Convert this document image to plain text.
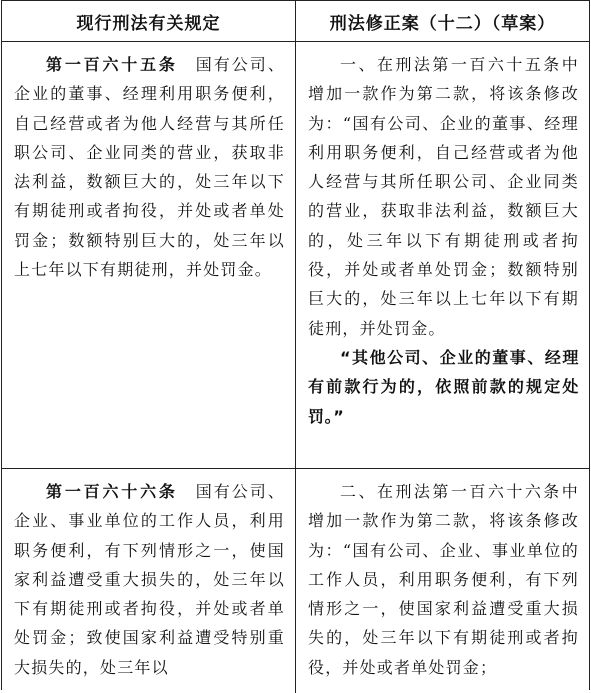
现行刑法有关规定	刑法修正案（十二）（草案）

第一百六十五条 国有公司、企业的董事、经理利用职务便利，自己经营或者为他人经营与其所任职公司、企业同类的营业，获取非法利益，数额巨大的，处三年以下有期徒刑或者拘役，并处或者单处罚金；数额特别巨大的，处三年以上七年以下有期徒刑，并处罚金。

一、在刑法第一百六十五条中增加一款作为第二款，将该条修改为：“国有公司、企业的董事、经理利用职务便利，自己经营或者为他人经营与其所任职公司、企业同类的营业，获取非法利益，数额巨大的，处三年以下有期徒刑或者拘役，并处或者单处罚金；数额特别巨大的，处三年以上七年以下有期徒刑，并处罚金。

“其他公司、企业的董事、经理有前款行为的，依照前款的规定处罚。”

第一百六十六条 国有公司、企业、事业单位的工作人员，利用职务便利，有下列情形之一，使国家利益遭受重大损失的，处三年以下有期徒刑或者拘役，并处或者单处罚金；致使国家利益遭受特别重大损失的，处三年以

二、在刑法第一百六十六条中增加一款作为第二款，将该条修改为：“国有公司、企业、事业单位的工作人员，利用职务便利，有下列情形之一，使国家利益遭受重大损失的，处三年以下有期徒刑或者拘役，并处或者单处罚金；
